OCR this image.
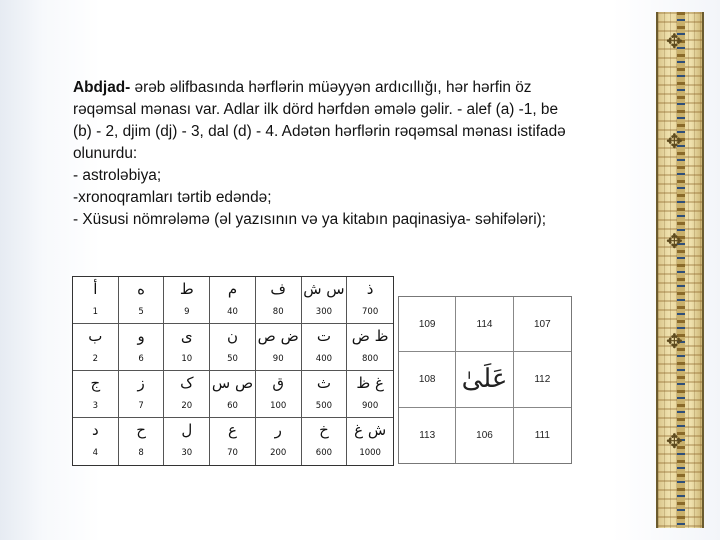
✥
✥
✥
✥
✥
Abdjad- ərəb əlifbasında hərflərin müəyyən ardıcıllığı, hər hərfin öz
rəqəmsal mənası var. Adlar ilk dörd hərfdən əmələ gəlir. - alef (a) -1, be
(b) - 2, djim (dj) - 3, dal (d) - 4. Adətən hərflərin rəqəmsal mənası istifadə
olunurdu:
- astroləbiya;
-xronoqramları tərtib edəndə;
- Xüsusi nömrələmə (əl yazısının və ya kitabın paqinasiya- səhifələri);
أ	ه	ط	م	ف	س ش	ذ
1	5	9	40	80	300	700
ب	و	ى	ن	ض ص	ت	ظ ض
2	6	10	50	90	400	800
ج	ز	ک	ص س	ق	ث	غ ظ
3	7	20	60	100	500	900
د	ح	ل	ع	ر	خ	ش غ
4	8	30	70	200	600	1000
109	114	107
108	عَلَىٰ	112
113	106	111
